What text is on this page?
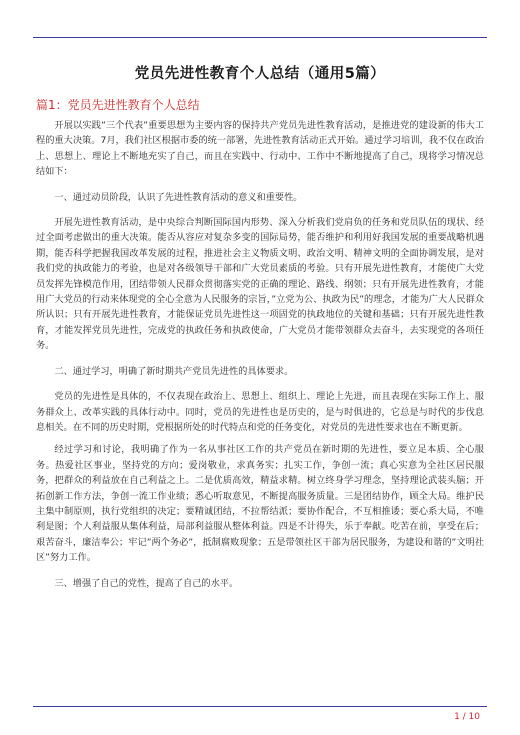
党员先进性教育个人总结（通用5篇）
篇1：党员先进性教育个人总结

开展以实践”三个代表”重要思想为主要内容的保持共产党员先进性教育活动，是推进党的建设新的伟大工程的重大决策。7月，我们社区根据市委的统一部署，先进性教育活动正式开始。通过学习培训，我不仅在政治上、思想上、理论上不断地充实了自己，而且在实践中、行动中、工作中不断地提高了自己，现将学习情况总结如下：

一、通过动员阶段，认识了先进性教育活动的意义和重要性。

开展先进性教育活动，是中央综合判断国际国内形势、深入分析我们党肩负的任务和党员队伍的现状、经过全面考虑做出的重大决策。能否从容应对复杂多变的国际局势，能否维护和利用好我国发展的重要战略机遇期，能否科学把握我国改革发展的过程，推进社会主义物质文明、政治文明、精神文明的全面协调发展，是对我们党的执政能力的考验，也是对各级领导干部和广大党员素质的考验。只有开展先进性教育，才能使广大党员发挥先锋模范作用，团结带领人民群众贯彻落实党的正确的理论、路线、纲领；只有开展先进性教育，才能用广大党员的行动来体现党的全心全意为人民服务的宗旨，”立党为公、执政为民”的理念，才能为广大人民群众所认识；只有开展先进性教育，才能保证党员先进性这一项固党的执政地位的关键和基础；只有开展先进性教育，才能发挥党员先进性，完成党的执政任务和执政使命，广大党员才能带领群众去奋斗，去实现党的各项任务。

二、通过学习，明确了新时期共产党员先进性的具体要求。

党员的先进性是具体的，不仅表现在政治上、思想上、组织上、理论上先进，而且表现在实际工作上、服务群众上、改革实践的具体行动中。同时，党员的先进性也是历史的，是与时俱进的，它总是与时代的步伐息息相关。在不同的历史时期，党根据所处的时代特点和党的任务变化，对党员的先进性要求也在不断更新。

经过学习和讨论，我明确了作为一名从事社区工作的共产党员在新时期的先进性，要立足本质、全心服务。热爱社区事业，坚持党的方向；爱岗敬业，求真务实；扎实工作，争创一流；真心实意为全社区居民服务，把群众的利益放在自己利益之上。二是优质高效，精益求精。树立终身学习理念，坚持理论武装头脑；开拓创新工作方法，争创一流工作业绩；悉心听取意见，不断提高服务质量。三是团结协作，顾全大局。维护民主集中制原则，执行党组织的决定；要精诚团结，不拉帮结派；要协作配合，不互相推诿；要心系大局，不唯利是图；个人利益服从集体利益，局部利益服从整体利益。四是不计得失，乐于奉献。吃苦在前，享受在后；艰苦奋斗，廉洁奉公；牢记”两个务必”，抵制腐败现象；五是带领社区干部为居民服务，为建设和谐的”文明社区”努力工作。

三、增强了自己的党性，提高了自己的水平。

1 / 10
